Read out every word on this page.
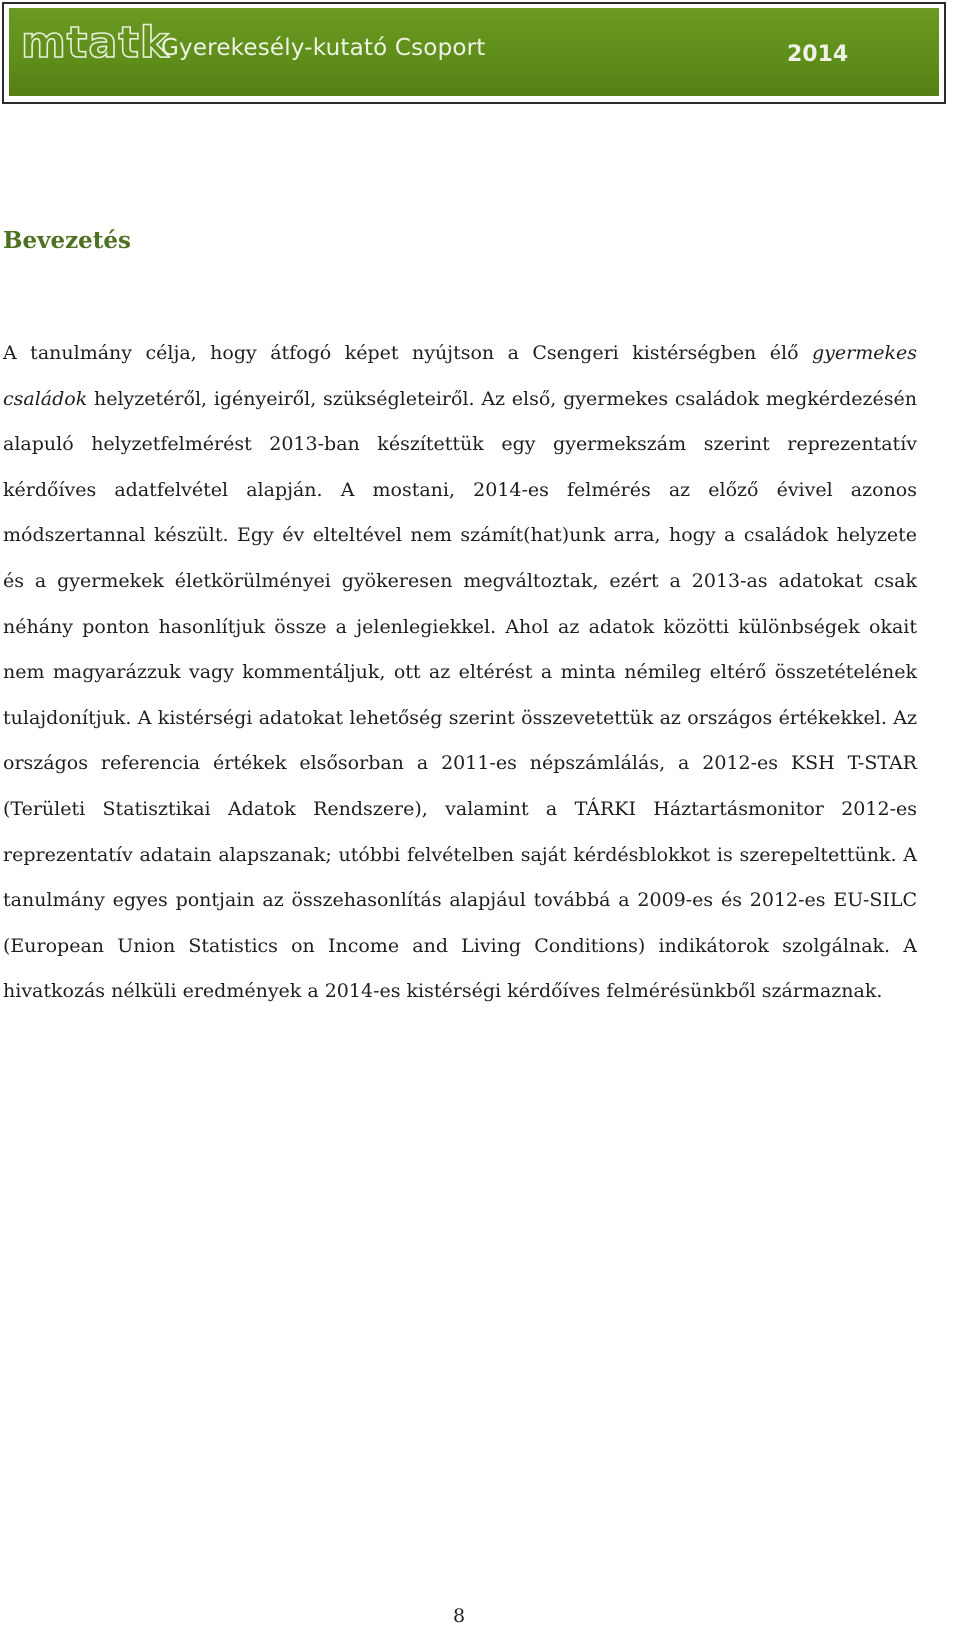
mtatk
Gyerekesély-kutató Csoport	2014
Bevezetés

A tanulmány célja, hogy átfogó képet nyújtson a Csengeri kistérségben élő gyermekes családok helyzetéről, igényeiről, szükségleteiről. Az első, gyermekes családok megkérdezésén alapuló helyzetfelmérést 2013-ban készítettük egy gyermekszám szerint reprezentatív kérdőíves adatfelvétel alapján. A mostani, 2014-es felmérés az előző évivel azonos módszertannal készült. Egy év elteltével nem számít(hat)unk arra, hogy a családok helyzete és a gyermekek életkörülményei gyökeresen megváltoztak, ezért a 2013-as adatokat csak néhány ponton hasonlítjuk össze a jelenlegiekkel. Ahol az adatok közötti különbségek okait nem magyarázzuk vagy kommentáljuk, ott az eltérést a minta némileg eltérő összetételének tulajdonítjuk. A kistérségi adatokat lehetőség szerint összevetettük az országos értékekkel. Az országos referencia értékek elsősorban a 2011-es népszámlálás, a 2012-es KSH T-STAR (Területi Statisztikai Adatok Rendszere), valamint a TÁRKI Háztartásmonitor 2012-es reprezentatív adatain alapszanak; utóbbi felvételben saját kérdésblokkot is szerepeltettünk. A tanulmány egyes pontjain az összehasonlítás alapjául továbbá a 2009-es és 2012-es EU-SILC (European Union Statistics on Income and Living Conditions) indikátorok szolgálnak. A hivatkozás nélküli eredmények a 2014-es kistérségi kérdőíves felmérésünkből származnak.

8
